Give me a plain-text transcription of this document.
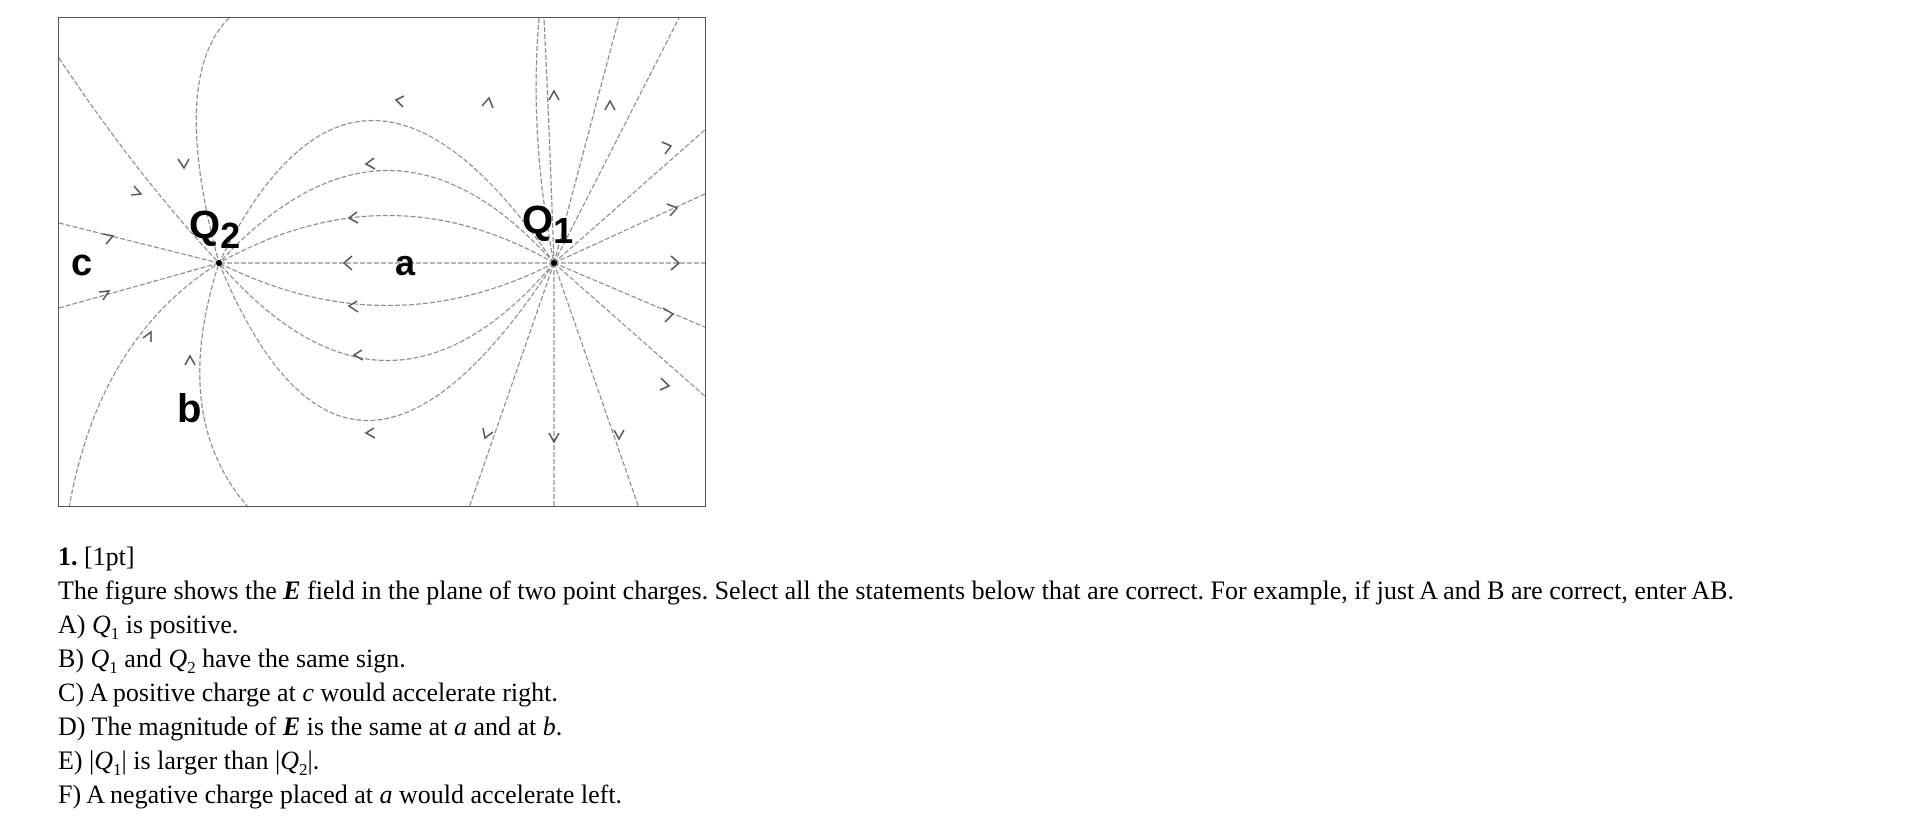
Q1
Q2
a
b
c
1. [1pt]
The figure shows the E field in the plane of two point charges. Select all the statements below that are correct. For example, if just A and B are correct, enter AB.
A) $Q_1$ is positive.
B) $Q_1$ and $Q_2$ have the same sign.
C) A positive charge at c would accelerate right.
D) The magnitude of E is the same at a and at b.
E) $|Q_1|$ is larger than $|Q_2|$.
F) A negative charge placed at a would accelerate left.
